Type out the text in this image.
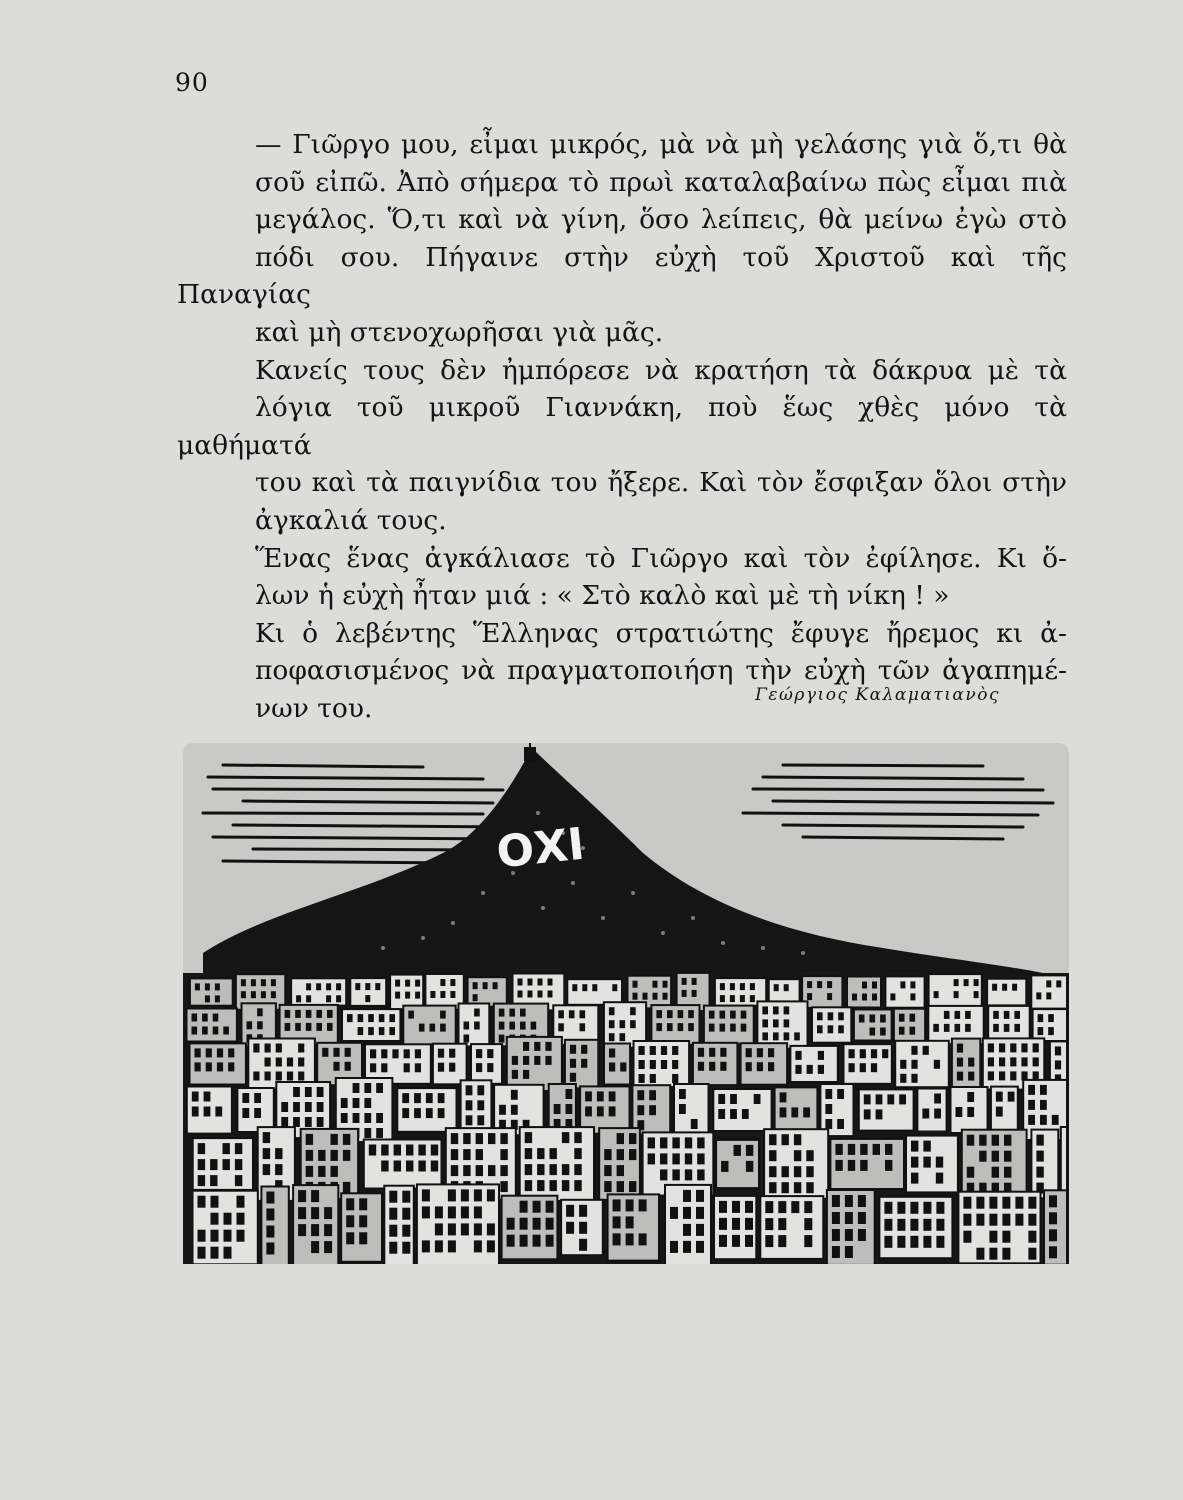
90

— Γιῶργο μου, εἶμαι μικρός, μὰ νὰ μὴ γελάσης γιὰ ὅ,τι θὰ
σοῦ εἰπῶ. Ἀπὸ σήμερα τὸ πρωὶ καταλαβαίνω πὼς εἶμαι πιὰ
μεγάλος. Ὅ,τι καὶ νὰ γίνη, ὅσο λείπεις, θὰ μείνω ἐγὼ στὸ
πόδι σου. Πήγαινε στὴν εὐχὴ τοῦ Χριστοῦ καὶ τῆς Παναγίας
καὶ μὴ στενοχωρῆσαι γιὰ μᾶς.

Κανείς τους δὲν ἠμπόρεσε νὰ κρατήση τὰ δάκρυα μὲ τὰ
λόγια τοῦ μικροῦ Γιαννάκη, ποὺ ἕως χθὲς μόνο τὰ μαθήματά
του καὶ τὰ παιγνίδια του ἤξερε. Καὶ τὸν ἔσφιξαν ὅλοι στὴν
ἀγκαλιά τους.

Ἕνας ἕνας ἀγκάλιασε τὸ Γιῶργο καὶ τὸν ἐφίλησε. Κι ὅ-
λων ἡ εὐχὴ ἦταν μιά : « Στὸ καλὸ καὶ μὲ τὴ νίκη ! »

Κι ὁ λεβέντης Ἕλληνας στρατιώτης ἔφυγε ἤρεμος κι ἀ-
ποφασισμένος νὰ πραγματοποιήση τὴν εὐχὴ τῶν ἀγαπημέ-
νων του.	Γεώργιος Καλαματιανὸς
ΟΧΙ
